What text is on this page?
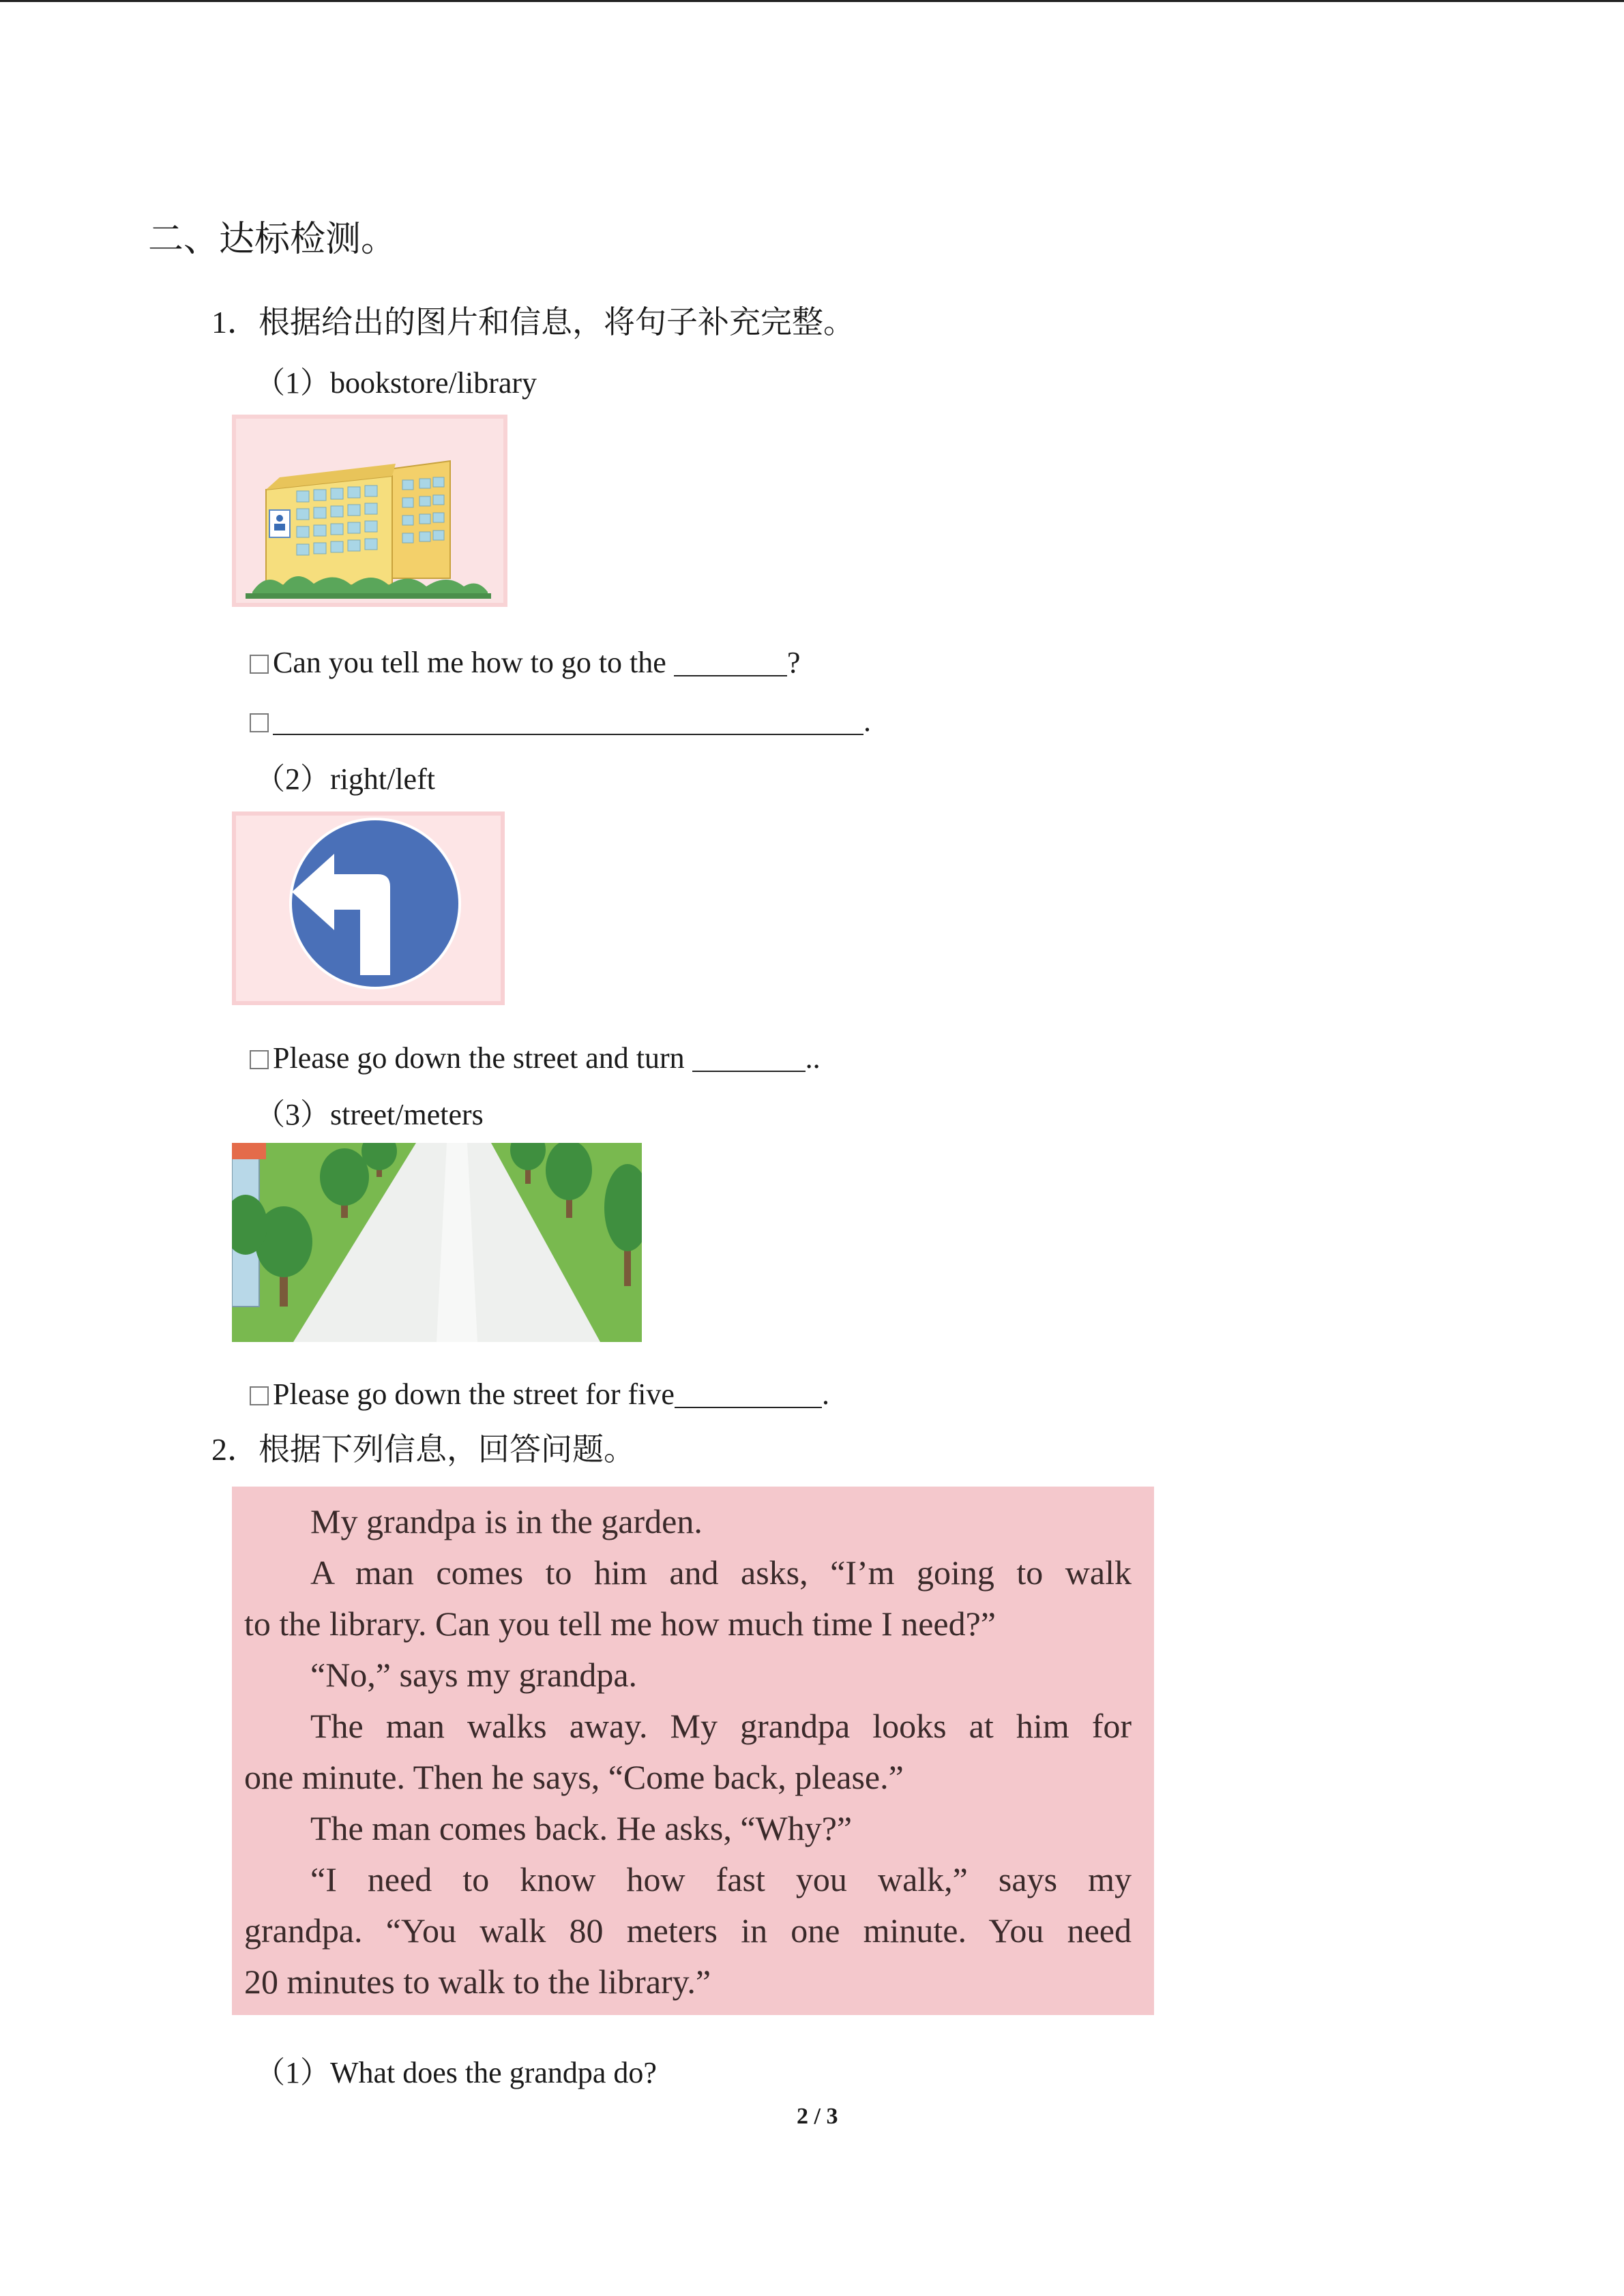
二、达标检测。
1．根据给出的图片和信息，将句子补充完整。
（1）bookstore/library
Can you tell me how to go to the	?
.
（2）right/left
Please go down the street and turn	..
（3）street/meters
Please go down the street for five	.
2．根据下列信息，回答问题。
My grandpa is in the garden.
A man comes to him and asks, “I’m going to walk
to the library. Can you tell me how much time I need?”
“No,” says my grandpa.
The man walks away. My grandpa looks at him for
one minute. Then he says, “Come back, please.”
The man comes back. He asks, “Why?”
“I need to know how fast you walk,” says my
grandpa. “You walk 80 meters in one minute. You need
20 minutes to walk to the library.”
（1）What does the grandpa do?
2 / 3
